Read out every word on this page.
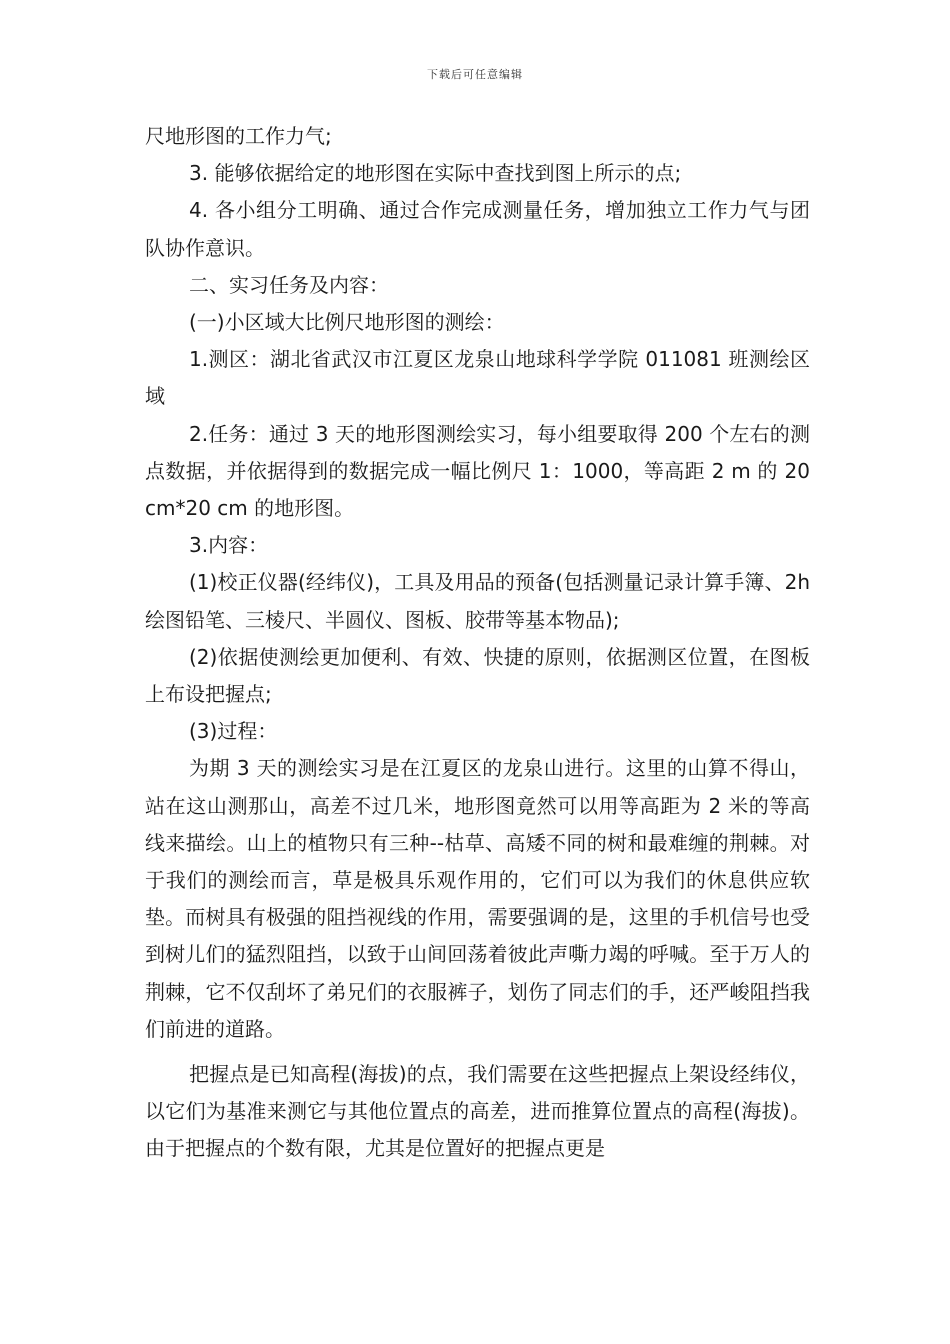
下载后可任意编辑

尺地形图的工作力气;

3. 能够依据给定的地形图在实际中查找到图上所示的点;

4. 各小组分工明确、通过合作完成测量任务，增加独立工作力气与团队协作意识。

二、实习任务及内容：

(一)小区域大比例尺地形图的测绘：

1.测区：湖北省武汉市江夏区龙泉山地球科学学院 011081 班测绘区域

2.任务：通过 3 天的地形图测绘实习，每小组要取得 200 个左右的测点数据，并依据得到的数据完成一幅比例尺 1：1000，等高距 2 m 的 20 cm*20 cm 的地形图。

3.内容：

(1)校正仪器(经纬仪)，工具及用品的预备(包括测量记录计算手簿、2h 绘图铅笔、三棱尺、半圆仪、图板、胶带等基本物品);

(2)依据使测绘更加便利、有效、快捷的原则，依据测区位置，在图板上布设把握点;

(3)过程：

为期 3 天的测绘实习是在江夏区的龙泉山进行。这里的山算不得山，站在这山测那山，高差不过几米，地形图竟然可以用等高距为 2 米的等高线来描绘。山上的植物只有三种--枯草、高矮不同的树和最难缠的荆棘。对于我们的测绘而言，草是极具乐观作用的，它们可以为我们的休息供应软垫。而树具有极强的阻挡视线的作用，需要强调的是，这里的手机信号也受到树儿们的猛烈阻挡，以致于山间回荡着彼此声嘶力竭的呼喊。至于万人的荆棘，它不仅刮坏了弟兄们的衣服裤子，划伤了同志们的手，还严峻阻挡我们前进的道路。

把握点是已知高程(海拔)的点，我们需要在这些把握点上架设经纬仪，以它们为基准来测它与其他位置点的高差，进而推算位置点的高程(海拔)。由于把握点的个数有限，尤其是位置好的把握点更是
